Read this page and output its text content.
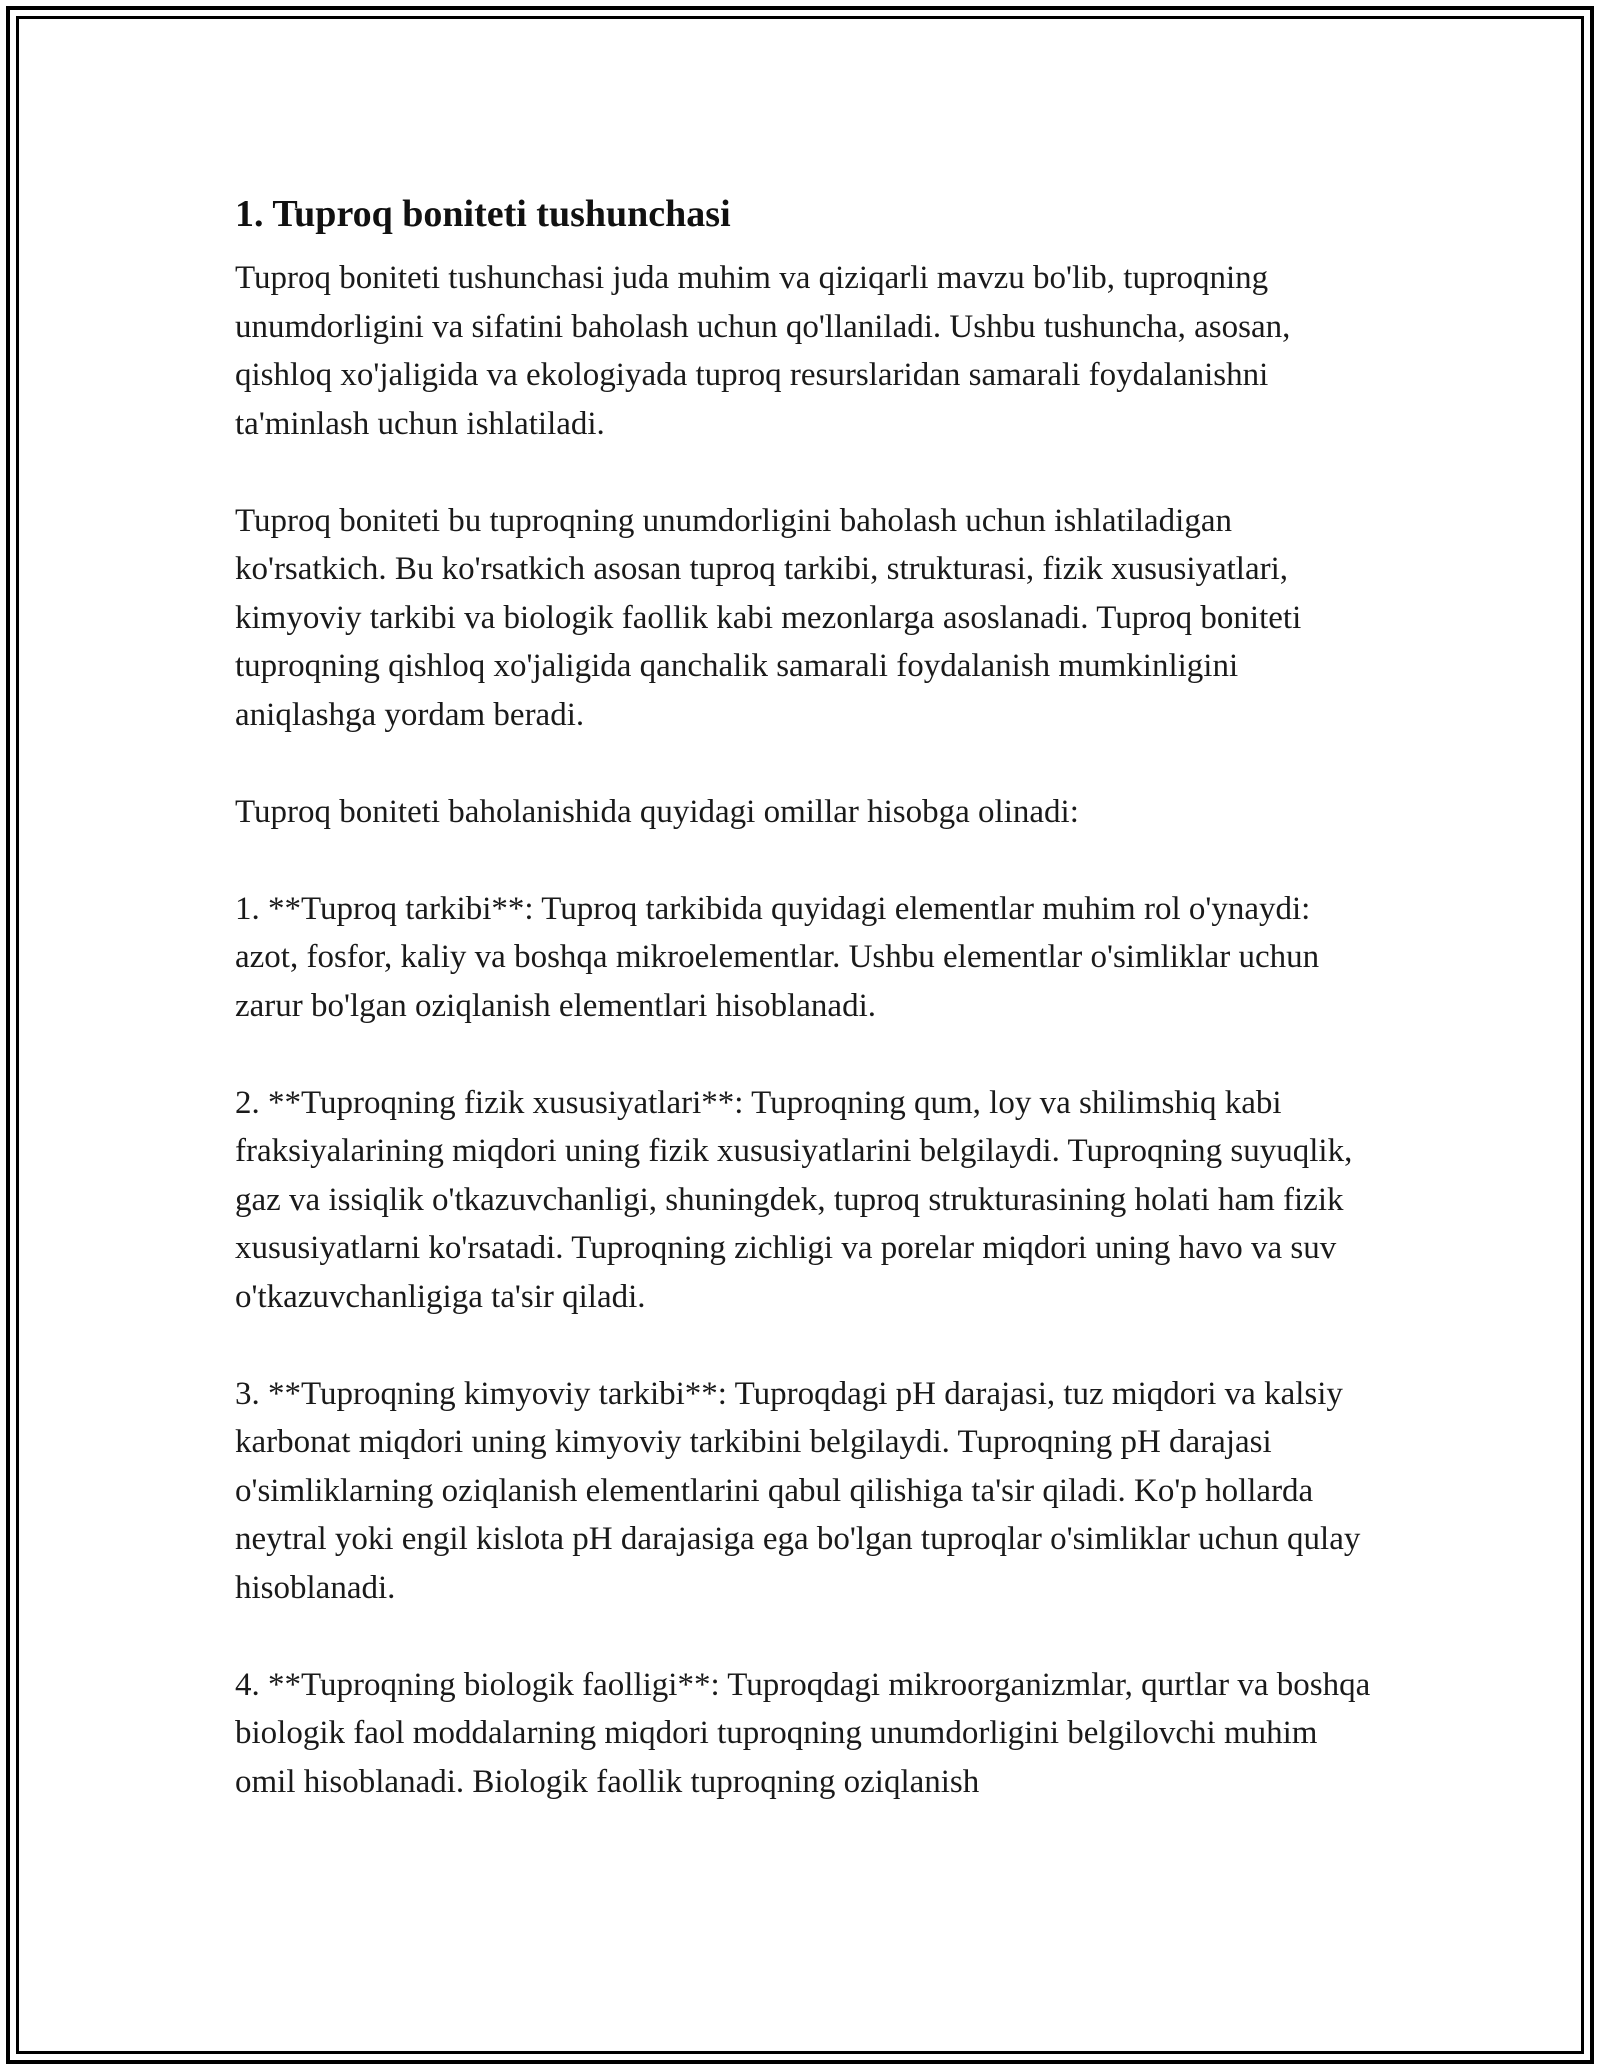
1. Tuproq boniteti tushunchasi

Tuproq boniteti tushunchasi juda muhim va qiziqarli mavzu bo'lib, tuproqning unumdorligini va sifatini baholash uchun qo'llaniladi. Ushbu tushuncha, asosan, qishloq xo'jaligida va ekologiyada tuproq resurslaridan samarali foydalanishni ta'minlash uchun ishlatiladi.

Tuproq boniteti bu tuproqning unumdorligini baholash uchun ishlatiladigan ko'rsatkich. Bu ko'rsatkich asosan tuproq tarkibi, strukturasi, fizik xususiyatlari, kimyoviy tarkibi va biologik faollik kabi mezonlarga asoslanadi. Tuproq boniteti tuproqning qishloq xo'jaligida qanchalik samarali foydalanish mumkinligini aniqlashga yordam beradi.

Tuproq boniteti baholanishida quyidagi omillar hisobga olinadi:

1. **Tuproq tarkibi**: Tuproq tarkibida quyidagi elementlar muhim rol o'ynaydi: azot, fosfor, kaliy va boshqa mikroelementlar. Ushbu elementlar o'simliklar uchun zarur bo'lgan oziqlanish elementlari hisoblanadi.

2. **Tuproqning fizik xususiyatlari**: Tuproqning qum, loy va shilimshiq kabi fraksiyalarining miqdori uning fizik xususiyatlarini belgilaydi. Tuproqning suyuqlik, gaz va issiqlik o'tkazuvchanligi, shuningdek, tuproq strukturasining holati ham fizik xususiyatlarni ko'rsatadi. Tuproqning zichligi va porelar miqdori uning havo va suv o'tkazuvchanligiga ta'sir qiladi.

3. **Tuproqning kimyoviy tarkibi**: Tuproqdagi pH darajasi, tuz miqdori va kalsiy karbonat miqdori uning kimyoviy tarkibini belgilaydi. Tuproqning pH darajasi o'simliklarning oziqlanish elementlarini qabul qilishiga ta'sir qiladi. Ko'p hollarda neytral yoki engil kislota pH darajasiga ega bo'lgan tuproqlar o'simliklar uchun qulay hisoblanadi.

4. **Tuproqning biologik faolligi**: Tuproqdagi mikroorganizmlar, qurtlar va boshqa biologik faol moddalarning miqdori tuproqning unumdorligini belgilovchi muhim omil hisoblanadi. Biologik faollik tuproqning oziqlanish
